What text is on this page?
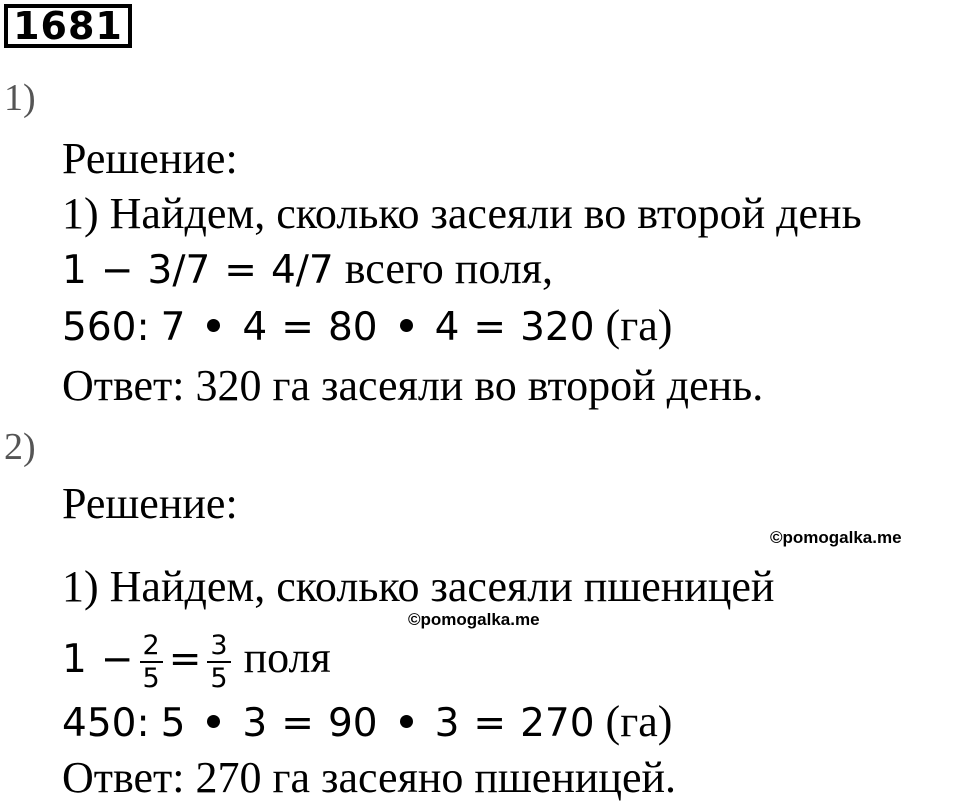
1681
1)
Решение:
1) Найдем, сколько засеяли во второй день
1 − 3/7 = 4/7 всего поля,
560: 7 4 = 80 4 = 320 (га)
Ответ: 320 га засеяли во второй день.
2)
Решение:
©pomogalka.me
1) Найдем, сколько засеяли пшеницей
©pomogalka.me
$1 - \frac{2}{5} = \frac{3}{5}$ поля
450: 5 3 = 90 3 = 270 (га)
Ответ: 270 га засеяно пшеницей.
